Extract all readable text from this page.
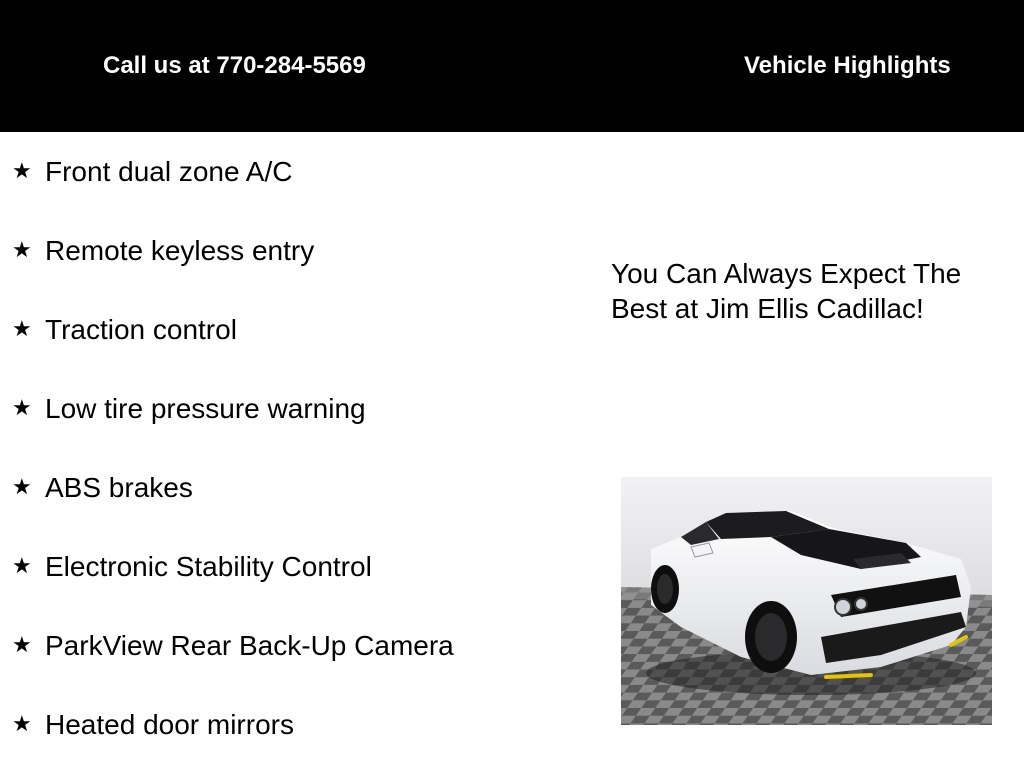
Call us at 770-284-5569	Vehicle Highlights
★ Front dual zone A/C
★ Remote keyless entry
★ Traction control
★ Low tire pressure warning
★ ABS brakes
★ Electronic Stability Control
★ ParkView Rear Back-Up Camera
★ Heated door mirrors
You Can Always Expect The Best at Jim Ellis Cadillac!
